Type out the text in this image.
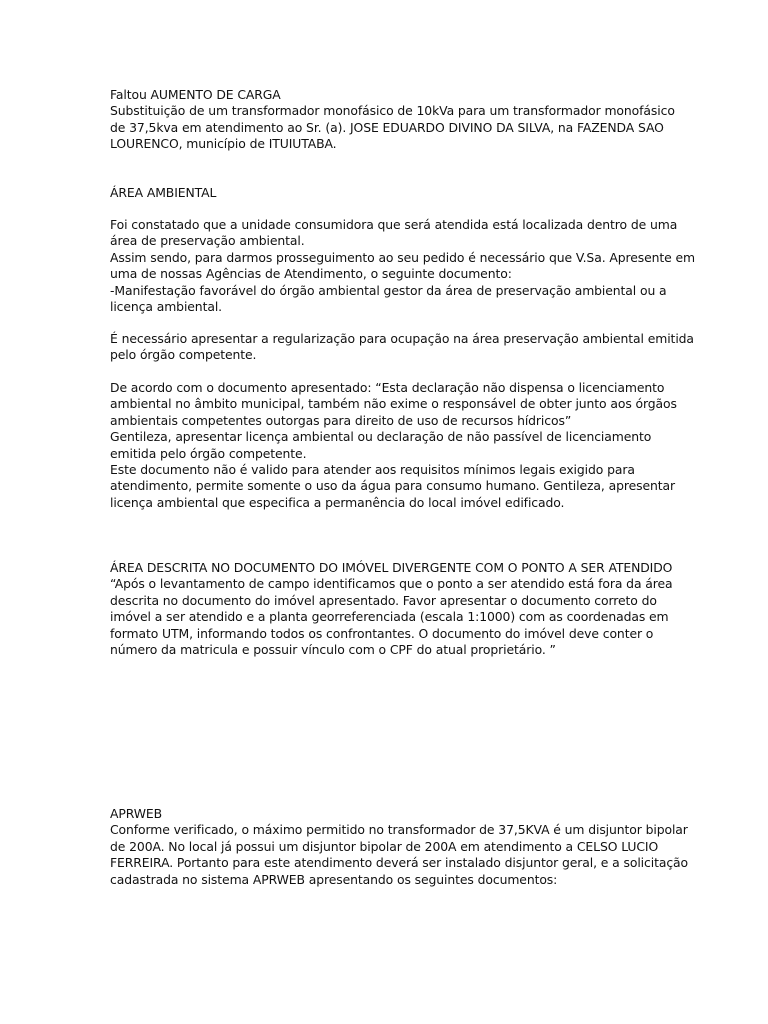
Faltou AUMENTO DE CARGA
Substituição de um transformador monofásico de 10kVa para um transformador monofásico
de 37,5kva em atendimento ao Sr. (a). JOSE EDUARDO DIVINO DA SILVA, na FAZENDA SAO
LOURENCO, município de ITUIUTABA.
ÁREA AMBIENTAL
Foi constatado que a unidade consumidora que será atendida está localizada dentro de uma
área de preservação ambiental.
Assim sendo, para darmos prosseguimento ao seu pedido é necessário que V.Sa. Apresente em
uma de nossas Agências de Atendimento, o seguinte documento:
-Manifestação favorável do órgão ambiental gestor da área de preservação ambiental ou a
licença ambiental.
É necessário apresentar a regularização para ocupação na área preservação ambiental emitida
pelo órgão competente.
De acordo com o documento apresentado: “Esta declaração não dispensa o licenciamento
ambiental no âmbito municipal, também não exime o responsável de obter junto aos órgãos
ambientais competentes outorgas para direito de uso de recursos hídricos”
Gentileza, apresentar licença ambiental ou declaração de não passível de licenciamento
emitida pelo órgão competente.
Este documento não é valido para atender aos requisitos mínimos legais exigido para
atendimento, permite somente o uso da água para consumo humano. Gentileza, apresentar
licença ambiental que especifica a permanência do local imóvel edificado.
ÁREA DESCRITA NO DOCUMENTO DO IMÓVEL DIVERGENTE COM O PONTO A SER ATENDIDO
“Após o levantamento de campo identificamos que o ponto a ser atendido está fora da área
descrita no documento do imóvel apresentado. Favor apresentar o documento correto do
imóvel a ser atendido e a planta georreferenciada (escala 1:1000) com as coordenadas em
formato UTM, informando todos os confrontantes. O documento do imóvel deve conter o
número da matricula e possuir vínculo com o CPF do atual proprietário. ”
APRWEB
Conforme verificado, o máximo permitido no transformador de 37,5KVA é um disjuntor bipolar
de 200A. No local já possui um disjuntor bipolar de 200A em atendimento a CELSO LUCIO
FERREIRA. Portanto para este atendimento deverá ser instalado disjuntor geral, e a solicitação
cadastrada no sistema APRWEB apresentando os seguintes documentos:
